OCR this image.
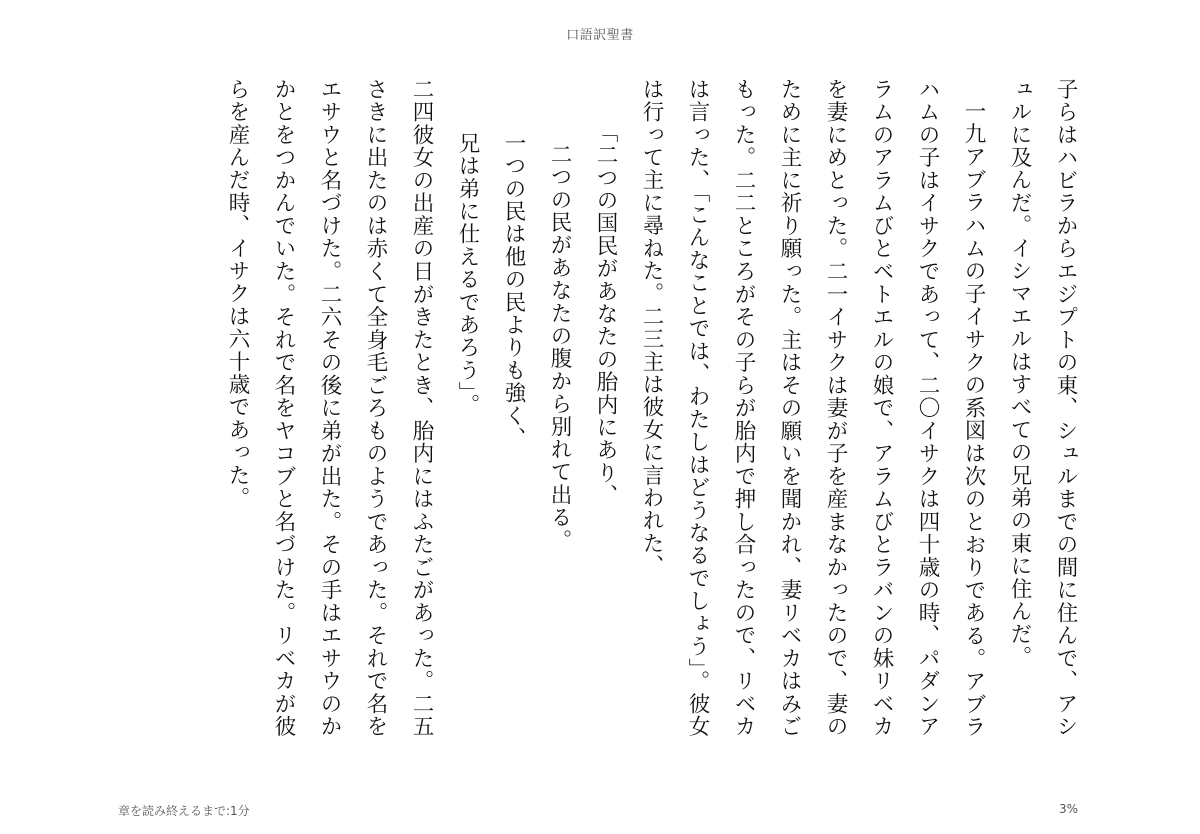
口語訳聖書

子らはハビラからエジプトの東、シュルまでの間に住んで、アシュルに及んだ。イシマエルはすべての兄弟の東に住んだ。

一九アブラハムの子イサクの系図は次のとおりである。アブラハムの子はイサクであって、二〇イサクは四十歳の時、パダンアラムのアラムびとベトエルの娘で、アラムびとラバンの妹リベカを妻にめとった。二一イサクは妻が子を産まなかったので、妻のために主に祈り願った。主はその願いを聞かれ、妻リベカはみごもった。二二ところがその子らが胎内で押し合ったので、リベカは言った、「こんなことでは、わたしはどうなるでしょう」。彼女は行って主に尋ねた。二三主は彼女に言われた、

「二つの国民があなたの胎内にあり、

二つの民があなたの腹から別れて出る。

一つの民は他の民よりも強く、

兄は弟に仕えるであろう」。

二四彼女の出産の日がきたとき、胎内にはふたごがあった。二五さきに出たのは赤くて全身毛ごろものようであった。それで名をエサウと名づけた。二六その後に弟が出た。その手はエサウのかかとをつかんでいた。それで名をヤコブと名づけた。リベカが彼らを産んだ時、イサクは六十歳であった。

章を読み終えるまで:1分	3%
